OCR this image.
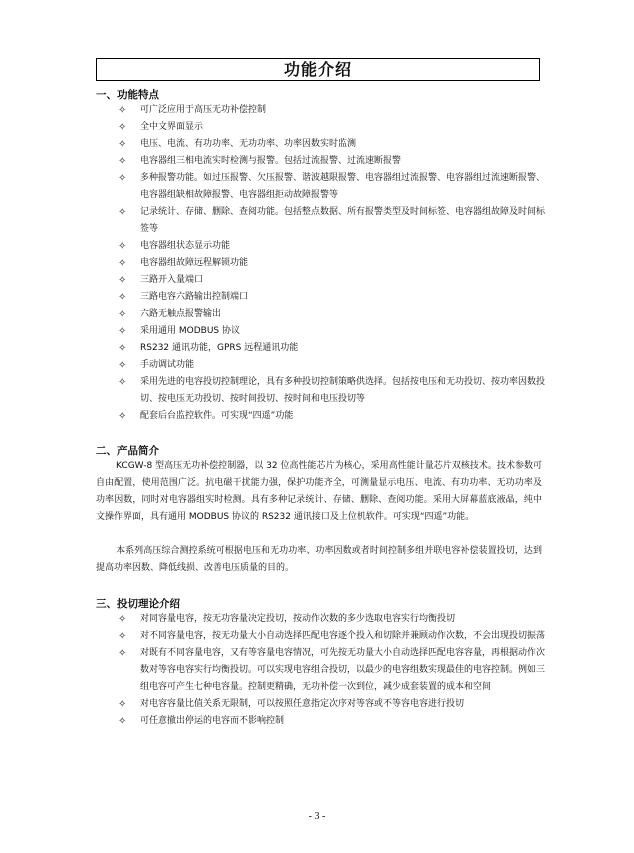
功能介绍
一、功能特点
✧ 可广泛应用于高压无功补偿控制
✧ 全中文界面显示
✧ 电压、电流、有功功率、无功功率、功率因数实时监测
✧ 电容器组三相电流实时检测与报警。包括过流报警、过流速断报警
✧ 多种报警功能。如过压报警、欠压报警、谐波越限报警、电容器组过流报警、电容器组过流速断报警、电容器组缺相故障报警、电容器组拒动故障报警等
✧ 记录统计、存储、删除、查阅功能。包括整点数据、所有报警类型及时间标签、电容器组故障及时间标签等
✧ 电容器组状态显示功能
✧ 电容器组故障远程解锁功能
✧ 三路开入量端口
✧ 三路电容六路输出控制端口
✧ 六路无触点报警输出
✧ 采用通用 MODBUS 协议
✧ RS232 通讯功能，GPRS 远程通讯功能
✧ 手动调试功能
✧ 采用先进的电容投切控制理论，具有多种投切控制策略供选择。包括按电压和无功投切、按功率因数投切、按电压无功投切、按时间投切、按时间和电压投切等
✧ 配套后台监控软件。可实现“四遥”功能
二、产品简介

KCGW-8 型高压无功补偿控制器，以 32 位高性能芯片为核心，采用高性能计量芯片双核技术。技术参数可自由配置，使用范围广泛。抗电磁干扰能力强，保护功能齐全，可测量显示电压、电流、有功功率、无功功率及功率因数，同时对电容器组实时检测。具有多种记录统计、存储、删除、查阅功能。采用大屏幕蓝底液晶，纯中文操作界面，具有通用 MODBUS 协议的 RS232 通讯接口及上位机软件。可实现“四遥”功能。

本系列高压综合测控系统可根据电压和无功功率、功率因数或者时间控制多组并联电容补偿装置投切，达到提高功率因数、降低线损、改善电压质量的目的。

三、投切理论介绍
✧ 对同容量电容，按无功容量决定投切，按动作次数的多少选取电容实行均衡投切
✧ 对不同容量电容，按无功量大小自动选择匹配电容逐个投入和切除并兼顾动作次数，不会出现投切振荡
✧ 对既有不同容量电容，又有等容量电容情况，可先按无功量大小自动选择匹配电容容量，再根据动作次数对等容电容实行均衡投切。可以实现电容组合投切，以最少的电容组数实现最佳的电容控制。例如三组电容可产生七种电容量。控制更精确，无功补偿一次到位，减少成套装置的成本和空间
✧ 对电容容量比值关系无限制，可以按照任意指定次序对等容或不等容电容进行投切
✧ 可任意撤出停运的电容而不影响控制
- 3 -
